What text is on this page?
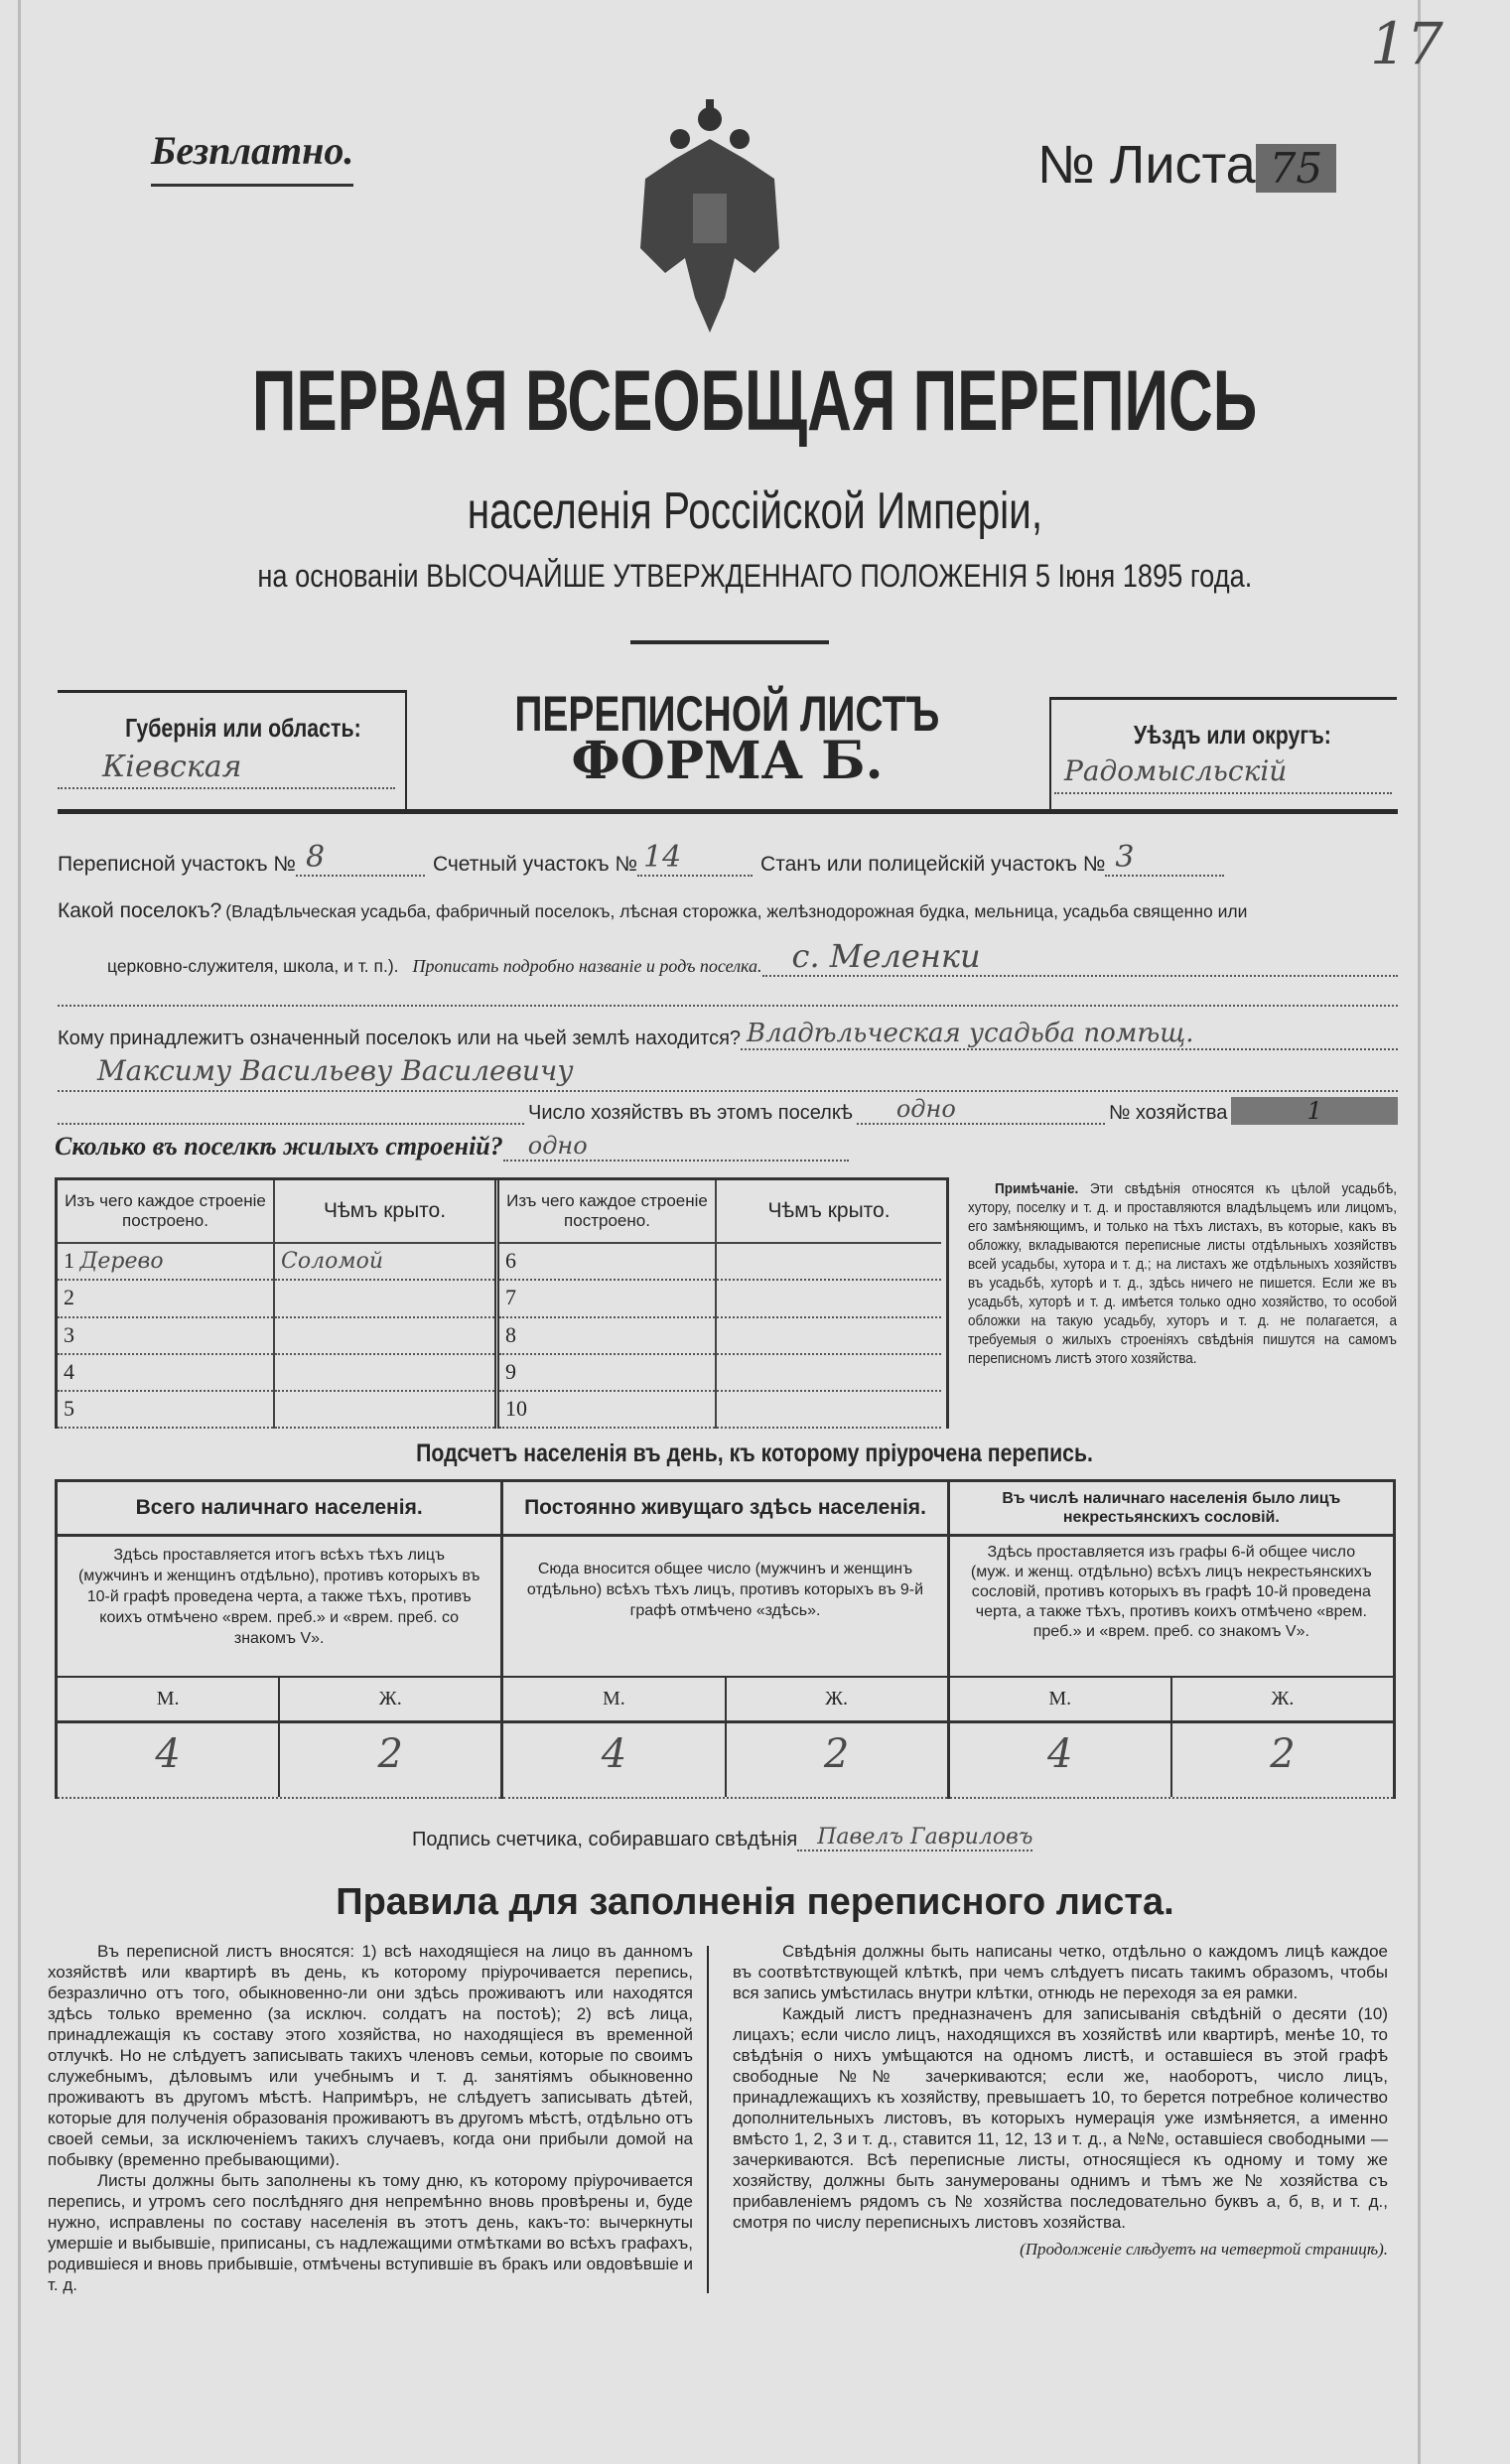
17
Безплатно.	№ Листа 75
ПЕРВАЯ ВСЕОБЩАЯ ПЕРЕПИСЬ
населенія Россійской Имперіи,
на основаніи ВЫСОЧАЙШЕ УТВЕРЖДЕННАГО ПОЛОЖЕНІЯ 5 Іюня 1895 года.
Губернія или область:
Кіевская
ПЕРЕПИСНОЙ ЛИСТЪ
ФОРМА Б.	Уѣздъ или округъ:
Радомысльскій
Переписной участокъ № 8	Счетный участокъ № 14	Станъ или полицейскій участокъ № 3
Какой поселокъ? (Владѣльческая усадьба, фабричный поселокъ, лѣсная сторожка, желѣзнодорожная будка, мельница, усадьба священно или
церковно-служителя, школа, и т. п.). Прописать подробно названіе и родъ поселка. с. Меленки
Кому принадлежитъ означенный поселокъ или на чьей землѣ находится? Владѣльческая усадьба помѣщ.
Максиму Васильеву Василевичу
Число хозяйствъ въ этомъ поселкѣ	одно	№ хозяйства	1
Сколько въ поселкѣ жилыхъ строеній?	одно
Изъ чего каждое строеніе построено.	Чѣмъ крыто.
1 Дерево	Соломой
2	
3	
4	
5	
Изъ чего каждое строеніе построено.	Чѣмъ крыто.
6	
7	
8	
9	
10	
Примѣчаніе. Эти свѣдѣнія относятся къ цѣлой усадьбѣ, хутору, поселку и т. д. и проставляются владѣльцемъ или лицомъ, его замѣняющимъ, и только на тѣхъ листахъ, въ которые, какъ въ обложку, вкладываются переписные листы отдѣльныхъ хозяйствъ всей усадьбы, хутора и т. д.; на листахъ же отдѣльныхъ хозяйствъ въ усадьбѣ, хуторѣ и т. д., здѣсь ничего не пишется. Если же въ усадьбѣ, хуторѣ и т. д. имѣется только одно хозяйство, то особой обложки на такую усадьбу, хуторъ и т. д. не полагается, а требуемыя о жилыхъ строеніяхъ свѣдѣнія пишутся на самомъ переписномъ листѣ этого хозяйства.
Подсчетъ населенія въ день, къ которому пріурочена перепись.
Всего наличнаго населенія.
Здѣсь проставляется итогъ всѣхъ тѣхъ лицъ (мужчинъ и женщинъ отдѣльно), противъ которыхъ въ 10-й графѣ проведена черта, а также тѣхъ, противъ коихъ отмѣчено «врем. преб.» и «врем. преб. со знакомъ V».
М.	Ж.
4	2
Постоянно живущаго здѣсь населенія.
Сюда вносится общее число (мужчинъ и женщинъ отдѣльно) всѣхъ тѣхъ лицъ, противъ которыхъ въ 9-й графѣ отмѣчено «здѣсь».
М.	Ж.
4	2
Въ числѣ наличнаго населенія было лицъ некрестьянскихъ сословій.
Здѣсь проставляется изъ графы 6-й общее число (муж. и женщ. отдѣльно) всѣхъ лицъ некрестьянскихъ сословій, противъ которыхъ въ графѣ 10-й проведена черта, а также тѣхъ, противъ коихъ отмѣчено «врем. преб.» и «врем. преб. со знакомъ V».
М.	Ж.
4	2
Подпись счетчика, собиравшаго свѣдѣнія Павелъ Гавриловъ
Правила для заполненія переписного листа.

Въ переписной листъ вносятся: 1) всѣ находящіеся на лицо въ данномъ хозяйствѣ или квартирѣ въ день, къ которому пріурочивается перепись, безразлично отъ того, обыкновенно-ли они здѣсь проживаютъ или находятся здѣсь только временно (за исключ. солдатъ на постоѣ); 2) всѣ лица, принадлежащія къ составу этого хозяйства, но находящіеся въ временной отлучкѣ. Но не слѣдуетъ записывать такихъ членовъ семьи, которые по своимъ служебнымъ, дѣловымъ или учебнымъ и т. д. занятіямъ обыкновенно проживаютъ въ другомъ мѣстѣ. Напримѣръ, не слѣдуетъ записывать дѣтей, которые для полученія образованія проживаютъ въ другомъ мѣстѣ, отдѣльно отъ своей семьи, за исключеніемъ такихъ случаевъ, когда они прибыли домой на побывку (временно пребывающими).

Листы должны быть заполнены къ тому дню, къ которому пріурочивается перепись, и утромъ сего послѣдняго дня непремѣнно вновь провѣрены и, буде нужно, исправлены по составу населенія въ этотъ день, какъ-то: вычеркнуты умершіе и выбывшіе, приписаны, съ надлежащими отмѣтками во всѣхъ графахъ, родившіеся и вновь прибывшіе, отмѣчены вступившіе въ бракъ или овдовѣвшіе и т. д.

Свѣдѣнія должны быть написаны четко, отдѣльно о каждомъ лицѣ каждое въ соотвѣтствующей клѣткѣ, при чемъ слѣдуетъ писать такимъ образомъ, чтобы вся запись умѣстилась внутри клѣтки, отнюдь не переходя за ея рамки.

Каждый листъ предназначенъ для записыванія свѣдѣній о десяти (10) лицахъ; если число лицъ, находящихся въ хозяйствѣ или квартирѣ, менѣе 10, то свѣдѣнія о нихъ умѣщаются на одномъ листѣ, и оставшіеся въ этой графѣ свободные №№ зачеркиваются; если же, наоборотъ, число лицъ, принадлежащихъ къ хозяйству, превышаетъ 10, то берется потребное количество дополнительныхъ листовъ, въ которыхъ нумерація уже измѣняется, а именно вмѣсто 1, 2, 3 и т. д., ставится 11, 12, 13 и т. д., а №№, оставшіеся свободными — зачеркиваются. Всѣ переписные листы, относящіеся къ одному и тому же хозяйству, должны быть занумерованы однимъ и тѣмъ же № хозяйства съ прибавленіемъ рядомъ съ № хозяйства последовательно буквъ а, б, в, и т. д., смотря по числу переписныхъ листовъ хозяйства.

(Продолженіе слѣдуетъ на четвертой страницѣ).
